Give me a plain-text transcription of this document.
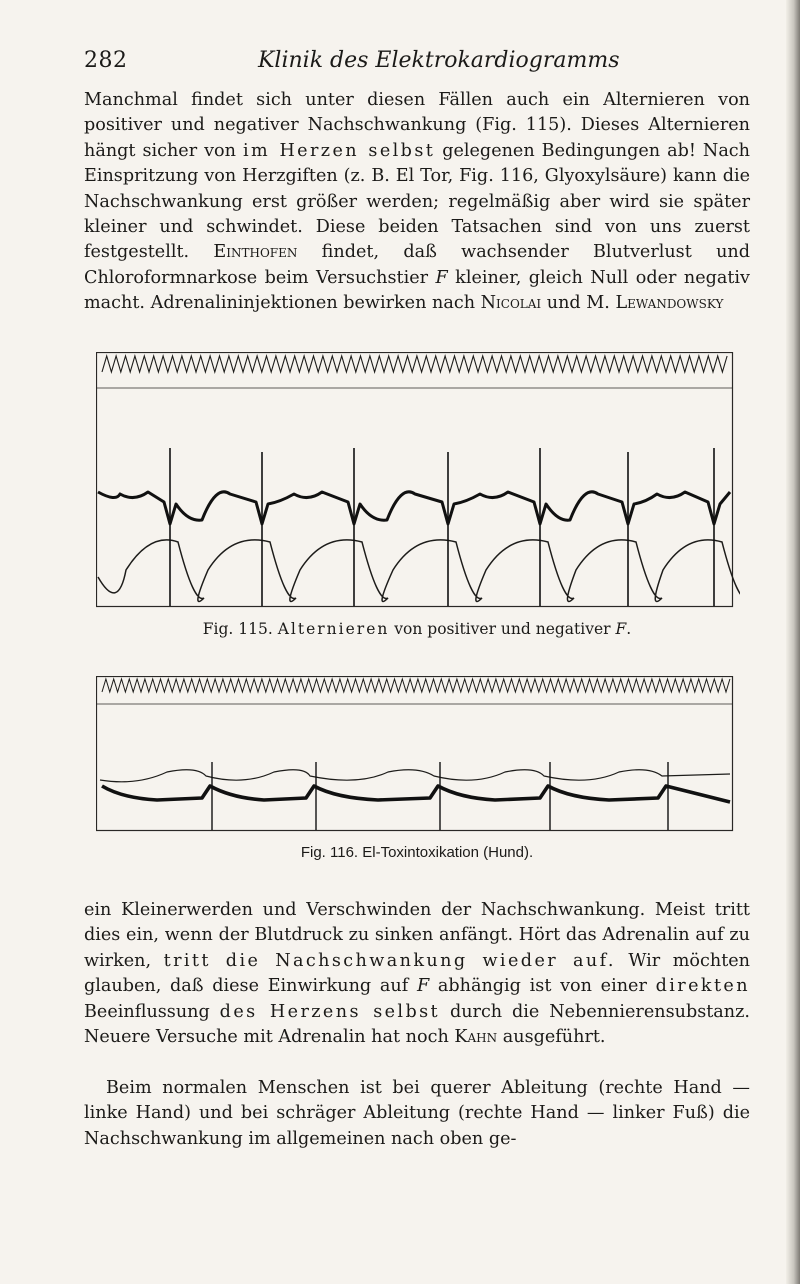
282	Klinik des Elektrokardiogramms

Manchmal findet sich unter diesen Fällen auch ein Alternieren von positiver und negativer Nachschwankung (Fig. 115). Dieses Alternieren hängt sicher von im Herzen selbst gelegenen Bedingungen ab! Nach Einspritzung von Herzgiften (z. B. El Tor, Fig. 116, Glyoxylsäure) kann die Nachschwankung erst größer werden; regelmäßig aber wird sie später kleiner und schwindet. Diese beiden Tatsachen sind von uns zuerst festgestellt. Einthofen findet, daß wachsender Blutverlust und Chloroformnarkose beim Versuchstier F kleiner, gleich Null oder negativ macht. Adrenalininjektionen bewirken nach Nicolai und M. Lewandowsky

Fig. 115. Alternieren von positiver und negativer F.

Fig. 116. El-Toxintoxikation (Hund).

ein Kleinerwerden und Verschwinden der Nachschwankung. Meist tritt dies ein, wenn der Blutdruck zu sinken anfängt. Hört das Adrenalin auf zu wirken, tritt die Nachschwankung wieder auf. Wir möchten glauben, daß diese Einwirkung auf F abhängig ist von einer direkten Beeinflussung des Herzens selbst durch die Nebennierensubstanz. Neuere Versuche mit Adrenalin hat noch Kahn ausgeführt.

Beim normalen Menschen ist bei querer Ableitung (rechte Hand — linke Hand) und bei schräger Ableitung (rechte Hand — linker Fuß) die Nachschwankung im allgemeinen nach oben ge-
